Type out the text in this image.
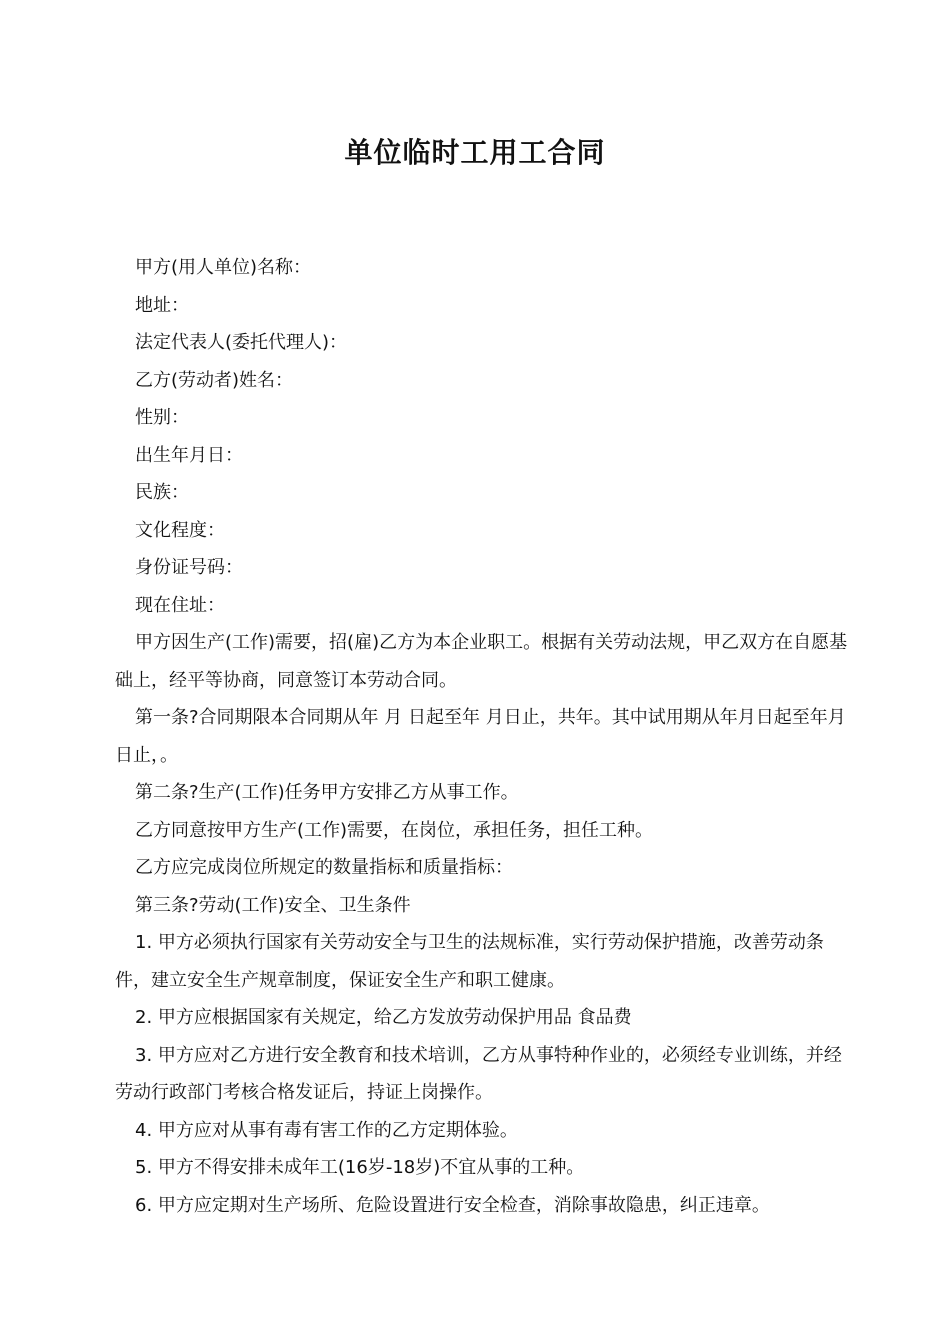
单位临时工用工合同

甲方(用人单位)名称：

地址：

法定代表人(委托代理人)：

乙方(劳动者)姓名：

性别：

出生年月日：

民族：

文化程度：

身份证号码：

现在住址：

甲方因生产(工作)需要，招(雇)乙方为本企业职工。根据有关劳动法规，甲乙双方在自愿基础上，经平等协商，同意签订本劳动合同。

第一条?合同期限本合同期从年 月 日起至年 月日止，共年。其中试用期从年月日起至年月日止，。

第二条?生产(工作)任务甲方安排乙方从事工作。

乙方同意按甲方生产(工作)需要，在岗位，承担任务，担任工种。

乙方应完成岗位所规定的数量指标和质量指标：

第三条?劳动(工作)安全、卫生条件

1. 甲方必须执行国家有关劳动安全与卫生的法规标准，实行劳动保护措施，改善劳动条件，建立安全生产规章制度，保证安全生产和职工健康。

2. 甲方应根据国家有关规定，给乙方发放劳动保护用品 食品费

3. 甲方应对乙方进行安全教育和技术培训，乙方从事特种作业的，必须经专业训练，并经劳动行政部门考核合格发证后，持证上岗操作。

4. 甲方应对从事有毒有害工作的乙方定期体验。

5. 甲方不得安排未成年工(16岁-18岁)不宜从事的工种。

6. 甲方应定期对生产场所、危险设置进行安全检查，消除事故隐患，纠正违章。
